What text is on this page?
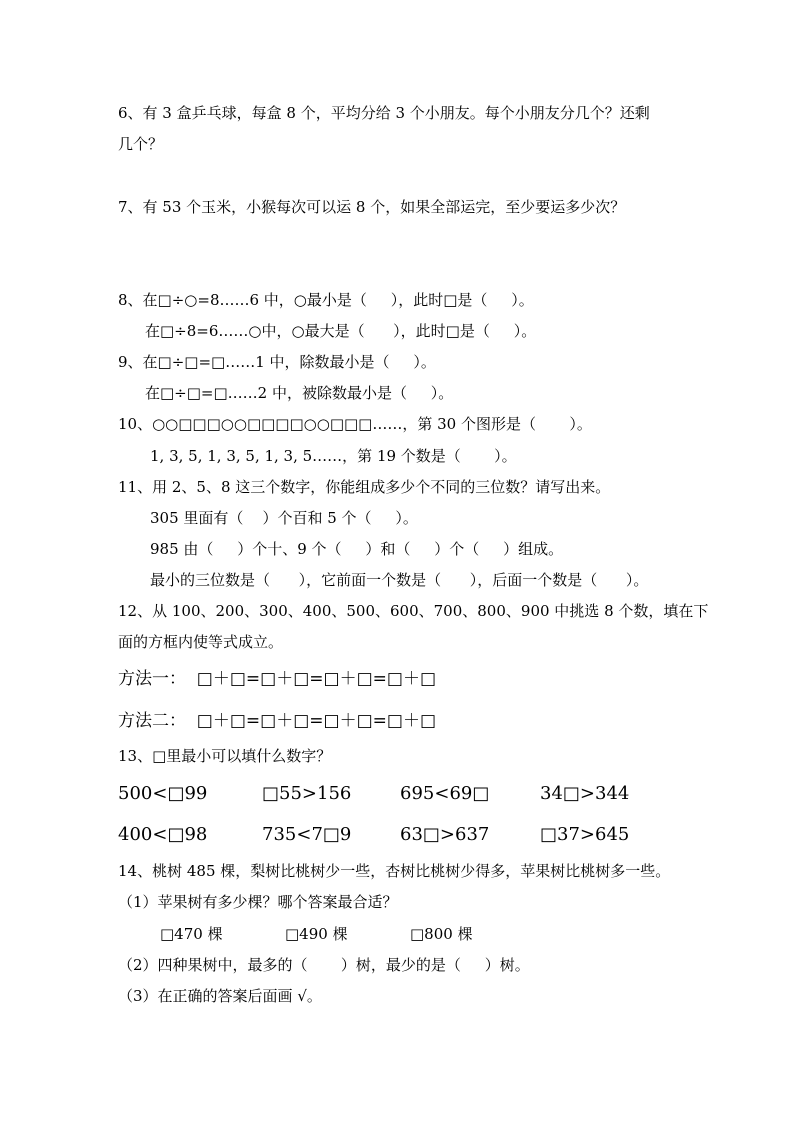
6、有 3 盒乒乓球，每盒 8 个，平均分给 3 个小朋友。每个小朋友分几个？还剩
几个？
7、有 53 个玉米，小猴每次可以运 8 个，如果全部运完，至少要运多少次？
8、在□÷○=8……6 中，○最小是（     ），此时□是（     ）。
在□÷8=6……○中，○最大是（      ），此时□是（     ）。
9、在□÷□=□……1 中，除数最小是（     ）。
在□÷□=□……2 中，被除数最小是（     ）。
10、○○□□□○○□□□□○○□□□……，第 30 个图形是（       ）。
1, 3, 5, 1, 3, 5, 1, 3, 5……，第 19 个数是（       ）。
11、用 2、5、8 这三个数字，你能组成多少个不同的三位数？请写出来。
305 里面有（    ）个百和 5 个（     ）。
985 由（     ）个十、9 个（     ）和（     ）个（     ）组成。
最小的三位数是（      ），它前面一个数是（      ），后面一个数是（      ）。
12、从 100、200、300、400、500、600、700、800、900 中挑选 8 个数，填在下
面的方框内使等式成立。
方法一：  □＋□=□＋□=□＋□=□＋□
方法二：  □＋□=□＋□=□＋□=□＋□
13、□里最小可以填什么数字？
500<□99	□55>156	695<69□	34□>344
400<□98	735<7□9	63□>637	□37>645
14、桃树 485 棵，梨树比桃树少一些，杏树比桃树少得多，苹果树比桃树多一些。
（1）苹果树有多少棵？哪个答案最合适？
□470 棵	□490 棵	□800 棵
（2）四种果树中，最多的（       ）树，最少的是（     ）树。
（3）在正确的答案后面画 √。
